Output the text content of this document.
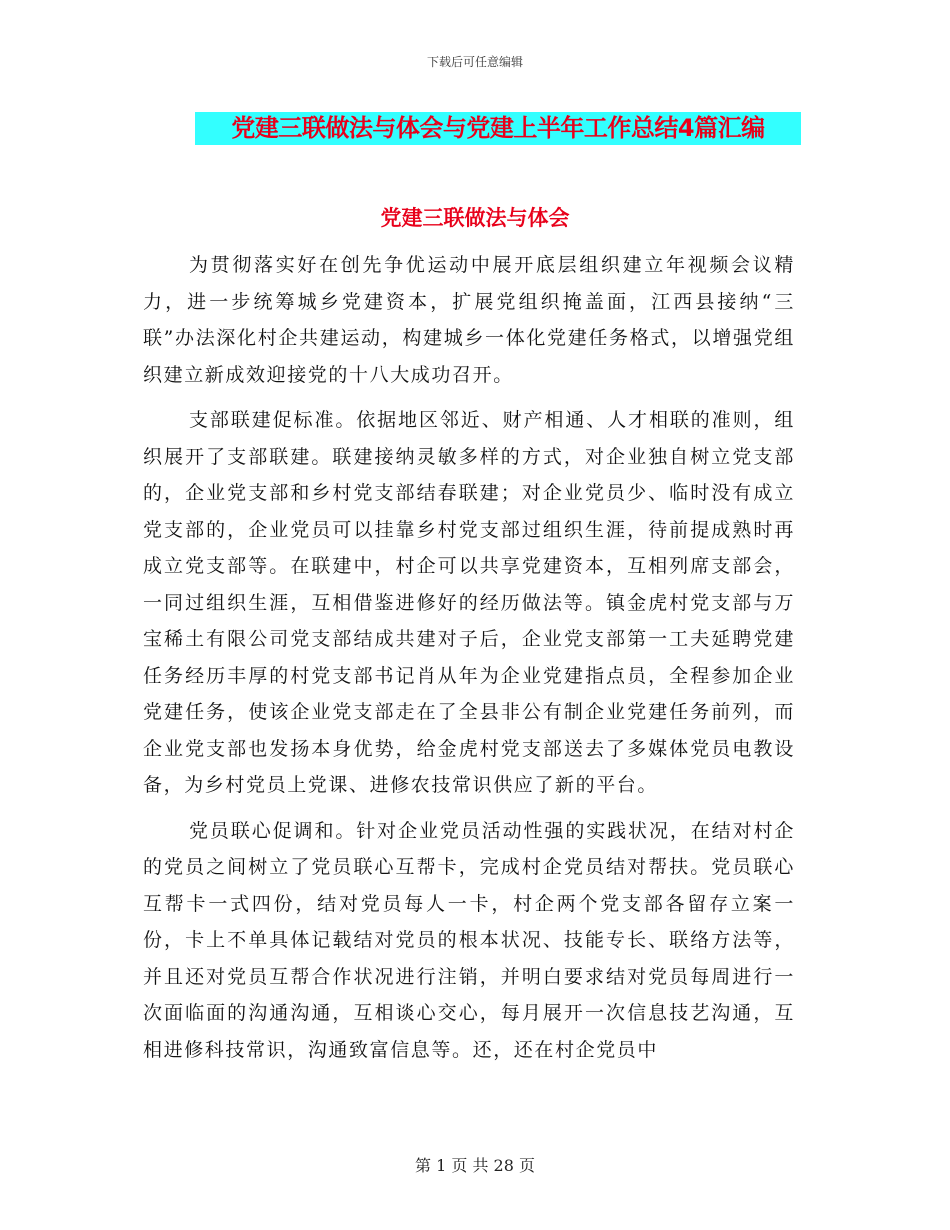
下载后可任意编辑
党建三联做法与体会与党建上半年工作总结4篇汇编
党建三联做法与体会

为贯彻落实好在创先争优运动中展开底层组织建立年视频会议精力，进一步统筹城乡党建资本，扩展党组织掩盖面，江西县接纳“三联”办法深化村企共建运动，构建城乡一体化党建任务格式，以增强党组织建立新成效迎接党的十八大成功召开。

支部联建促标准。依据地区邻近、财产相通、人才相联的准则，组织展开了支部联建。联建接纳灵敏多样的方式，对企业独自树立党支部的，企业党支部和乡村党支部结春联建；对企业党员少、临时没有成立党支部的，企业党员可以挂靠乡村党支部过组织生涯，待前提成熟时再成立党支部等。在联建中，村企可以共享党建资本，互相列席支部会，一同过组织生涯，互相借鉴进修好的经历做法等。镇金虎村党支部与万宝稀土有限公司党支部结成共建对子后，企业党支部第一工夫延聘党建任务经历丰厚的村党支部书记肖从年为企业党建指点员，全程参加企业党建任务，使该企业党支部走在了全县非公有制企业党建任务前列，而企业党支部也发扬本身优势，给金虎村党支部送去了多媒体党员电教设备，为乡村党员上党课、进修农技常识供应了新的平台。

党员联心促调和。针对企业党员活动性强的实践状况，在结对村企的党员之间树立了党员联心互帮卡，完成村企党员结对帮扶。党员联心互帮卡一式四份，结对党员每人一卡，村企两个党支部各留存立案一份，卡上不单具体记载结对党员的根本状况、技能专长、联络方法等，并且还对党员互帮合作状况进行注销，并明白要求结对党员每周进行一次面临面的沟通沟通，互相谈心交心，每月展开一次信息技艺沟通，互相进修科技常识，沟通致富信息等。还，还在村企党员中

第 1 页 共 28 页
